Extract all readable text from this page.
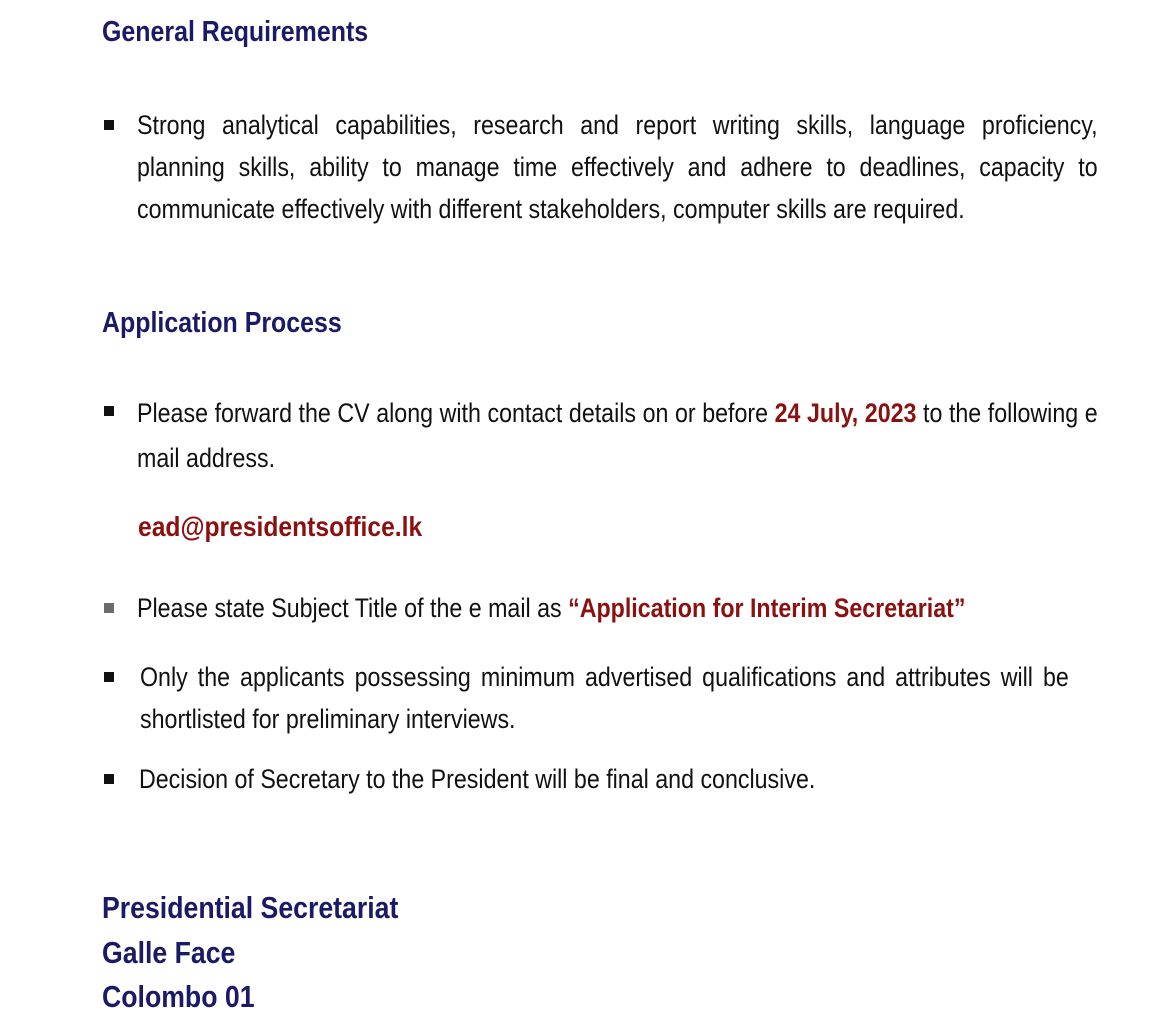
General Requirements

Strong analytical capabilities, research and report writing skills, language proficiency, planning skills, ability to manage time effectively and adhere to deadlines, capacity to communicate effectively with different stakeholders, computer skills are required.

Application Process

Please forward the CV along with contact details on or before 24 July, 2023 to the following e mail address.

ead@presidentsoffice.lk

Please state Subject Title of the e mail as “Application for Interim Secretariat”

Only the applicants possessing minimum advertised qualifications and attributes will be shortlisted for preliminary interviews.

Decision of Secretary to the President will be final and conclusive.

Presidential Secretariat
Galle Face
Colombo 01
